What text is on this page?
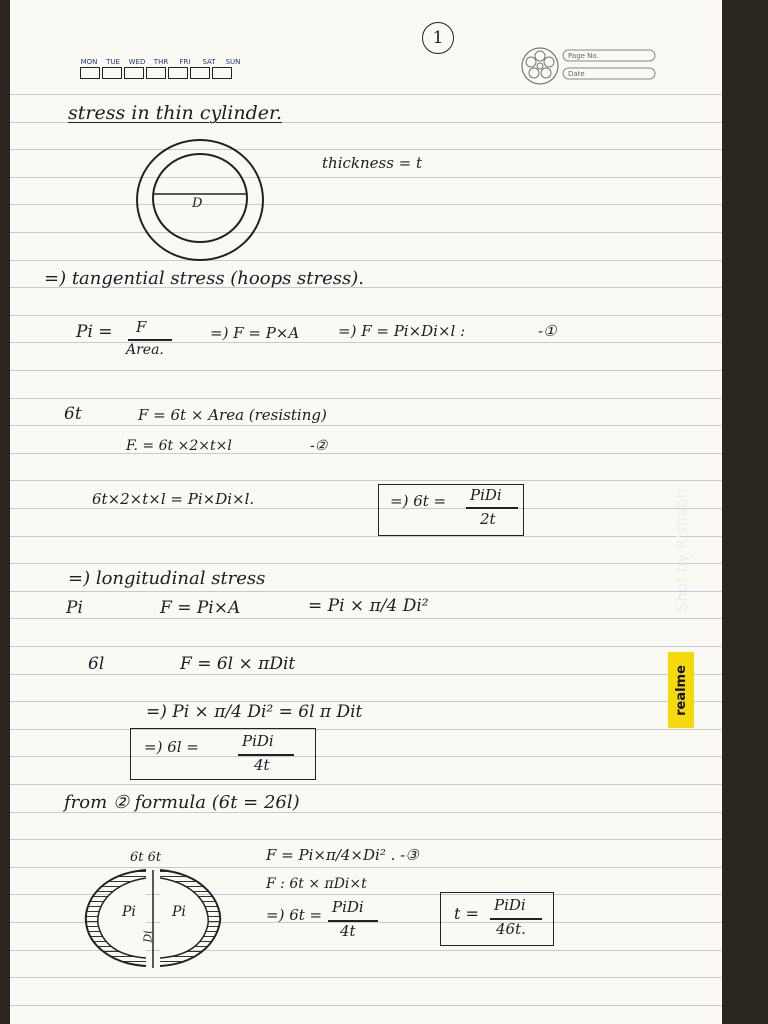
1
MON TUE WED THR	FRI	SAT	SUN
Page No.
Date
stress in thin cylinder.
D
thickness = t
=) tangential stress (hoops stress).
Pi = F
Area.
=) F = P×A	=) F = Pi×Di×l :	-①
6t	F = 6t × Area (resisting)
F. = 6t ×2×t×l	-②
6t×2×t×l = Pi×Di×l.	=) 6t = PiDi
2t
=) longitudinal stress
Pi	F = Pi×A	= Pi × π/4 Di²
6l	F = 6l × πDit
=) Pi × π/4 Di² = 6l π Dit
=) 6l =	PiDi
4t
from ② formula (6t = 26l)
6t 6t
Pi	Pi
Di
F = Pi×π/4×Di² . -③
F : 6t × πDi×t
=) 6t = PiDi
4t
t = PiDi
46t.
realme
Shot by R'shabh
